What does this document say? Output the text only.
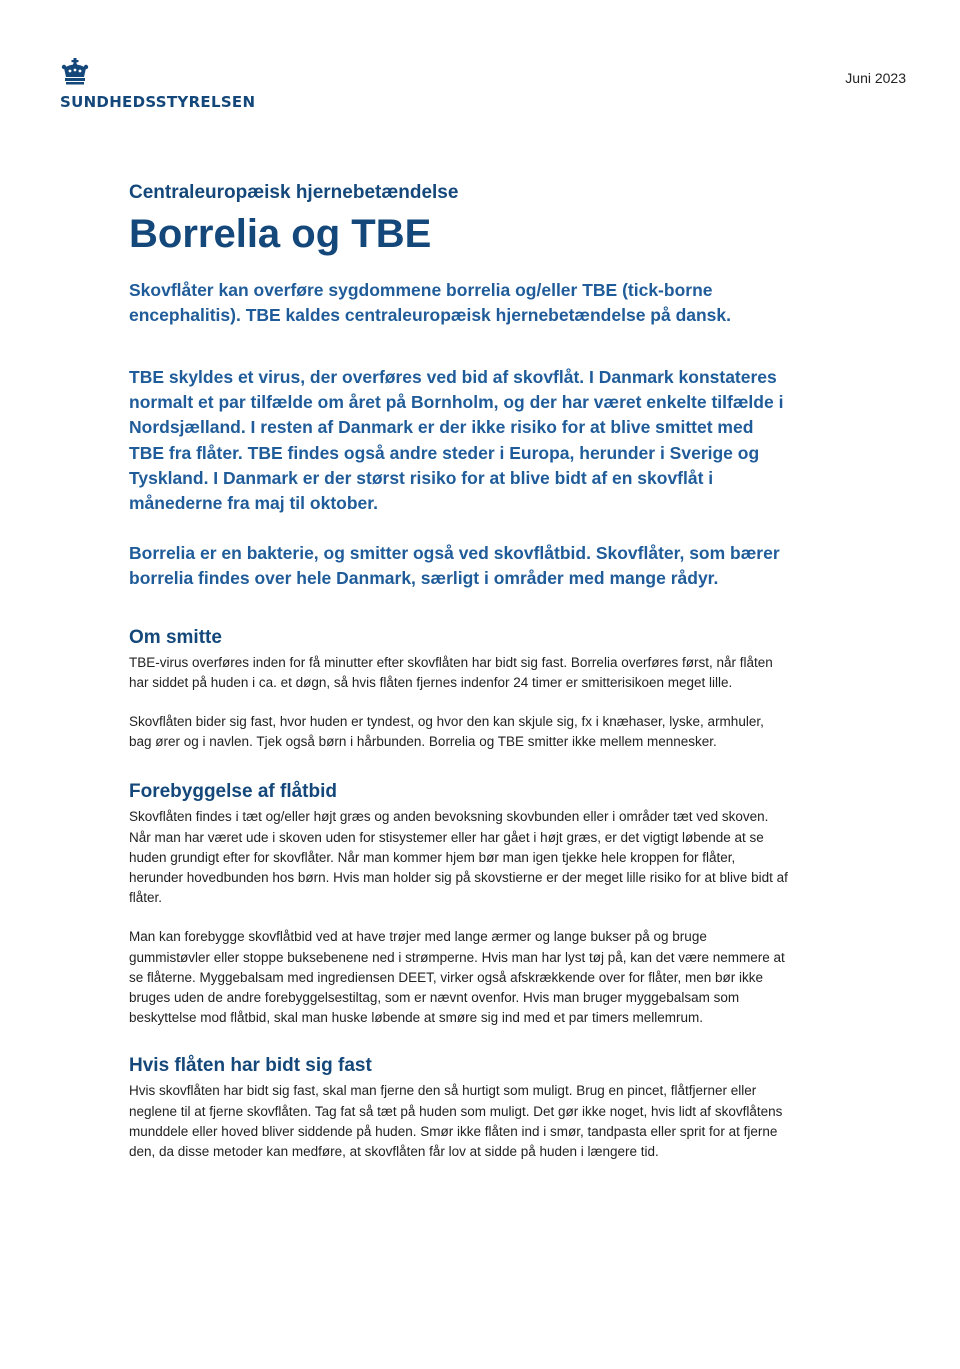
SUNDHEDSSTYRELSEN
Juni 2023

Centraleuropæisk hjernebetændelse

Borrelia og TBE

Skovflåter kan overføre sygdommene borrelia og/eller TBE (tick-borne encephalitis). TBE kaldes centraleuropæisk hjernebetændelse på dansk.

TBE skyldes et virus, der overføres ved bid af skovflåt. I Danmark konstateres normalt et par tilfælde om året på Bornholm, og der har været enkelte tilfælde i Nordsjælland. I resten af Danmark er der ikke risiko for at blive smittet med TBE fra flåter. TBE findes også andre steder i Europa, herunder i Sverige og Tyskland. I Danmark er der størst risiko for at blive bidt af en skovflåt i månederne fra maj til oktober.

Borrelia er en bakterie, og smitter også ved skovflåtbid. Skovflåter, som bærer borrelia findes over hele Danmark, særligt i områder med mange rådyr.

Om smitte

TBE-virus overføres inden for få minutter efter skovflåten har bidt sig fast. Borrelia overføres først, når flåten har siddet på huden i ca. et døgn, så hvis flåten fjernes indenfor 24 timer er smitterisikoen meget lille.

Skovflåten bider sig fast, hvor huden er tyndest, og hvor den kan skjule sig, fx i knæhaser, lyske, armhuler, bag ører og i navlen. Tjek også børn i hårbunden. Borrelia og TBE smitter ikke mellem mennesker.

Forebyggelse af flåtbid

Skovflåten findes i tæt og/eller højt græs og anden bevoksning skovbunden eller i områder tæt ved skoven. Når man har været ude i skoven uden for stisystemer eller har gået i højt græs, er det vigtigt løbende at se huden grundigt efter for skovflåter. Når man kommer hjem bør man igen tjekke hele kroppen for flåter, herunder hovedbunden hos børn. Hvis man holder sig på skovstierne er der meget lille risiko for at blive bidt af flåter.

Man kan forebygge skovflåtbid ved at have trøjer med lange ærmer og lange bukser på og bruge gummistøvler eller stoppe buksebenene ned i strømperne. Hvis man har lyst tøj på, kan det være nemmere at se flåterne. Myggebalsam med ingrediensen DEET, virker også afskrækkende over for flåter, men bør ikke bruges uden de andre forebyggelsestiltag, som er nævnt ovenfor. Hvis man bruger myggebalsam som beskyttelse mod flåtbid, skal man huske løbende at smøre sig ind med et par timers mellemrum.

Hvis flåten har bidt sig fast

Hvis skovflåten har bidt sig fast, skal man fjerne den så hurtigt som muligt. Brug en pincet, flåtfjerner eller neglene til at fjerne skovflåten. Tag fat så tæt på huden som muligt. Det gør ikke noget, hvis lidt af skovflåtens munddele eller hoved bliver siddende på huden. Smør ikke flåten ind i smør, tandpasta eller sprit for at fjerne den, da disse metoder kan medføre, at skovflåten får lov at sidde på huden i længere tid.
